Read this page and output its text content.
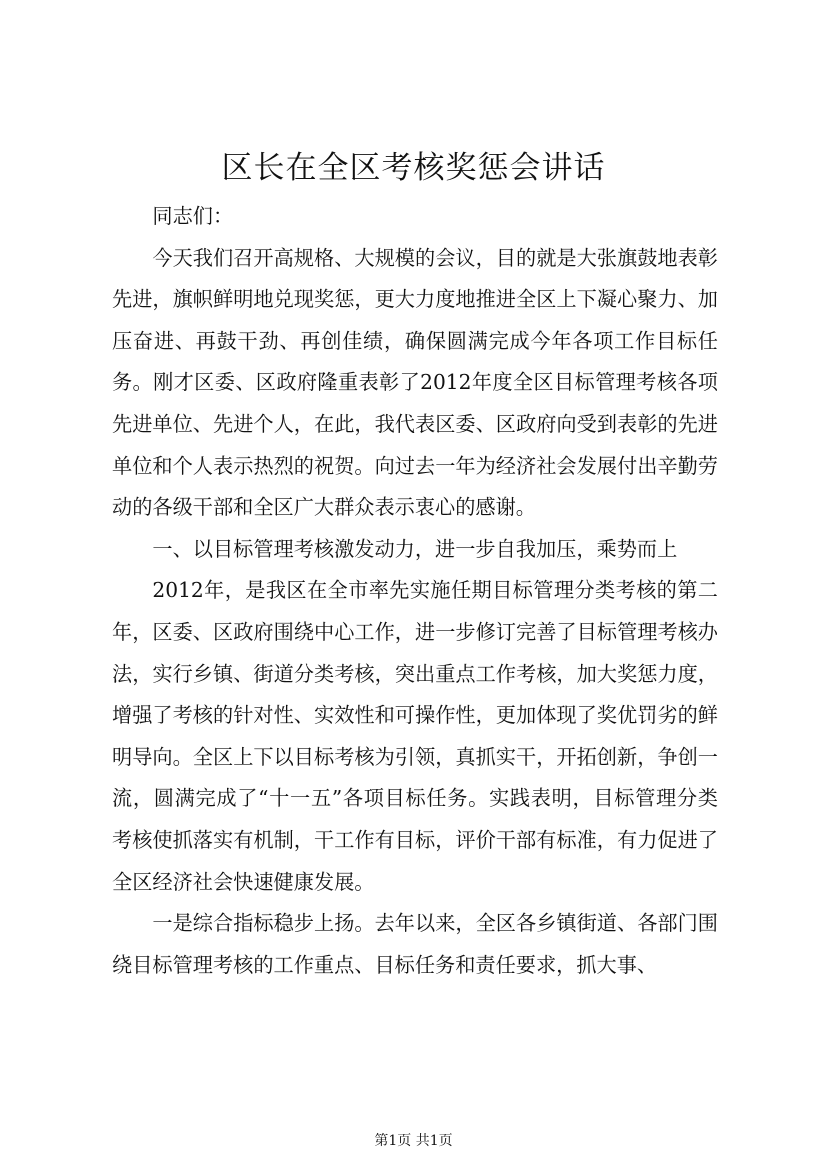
区长在全区考核奖惩会讲话

同志们：

今天我们召开高规格、大规模的会议，目的就是大张旗鼓地表彰先进，旗帜鲜明地兑现奖惩，更大力度地推进全区上下凝心聚力、加压奋进、再鼓干劲、再创佳绩，确保圆满完成今年各项工作目标任务。刚才区委、区政府隆重表彰了2012年度全区目标管理考核各项先进单位、先进个人，在此，我代表区委、区政府向受到表彰的先进单位和个人表示热烈的祝贺。向过去一年为经济社会发展付出辛勤劳动的各级干部和全区广大群众表示衷心的感谢。

一、以目标管理考核激发动力，进一步自我加压，乘势而上

2012年，是我区在全市率先实施任期目标管理分类考核的第二年，区委、区政府围绕中心工作，进一步修订完善了目标管理考核办法，实行乡镇、街道分类考核，突出重点工作考核，加大奖惩力度，增强了考核的针对性、实效性和可操作性，更加体现了奖优罚劣的鲜明导向。全区上下以目标考核为引领，真抓实干，开拓创新，争创一流，圆满完成了“十一五”各项目标任务。实践表明，目标管理分类考核使抓落实有机制，干工作有目标，评价干部有标准，有力促进了全区经济社会快速健康发展。

一是综合指标稳步上扬。去年以来，全区各乡镇街道、各部门围绕目标管理考核的工作重点、目标任务和责任要求，抓大事、

第1页 共1页
